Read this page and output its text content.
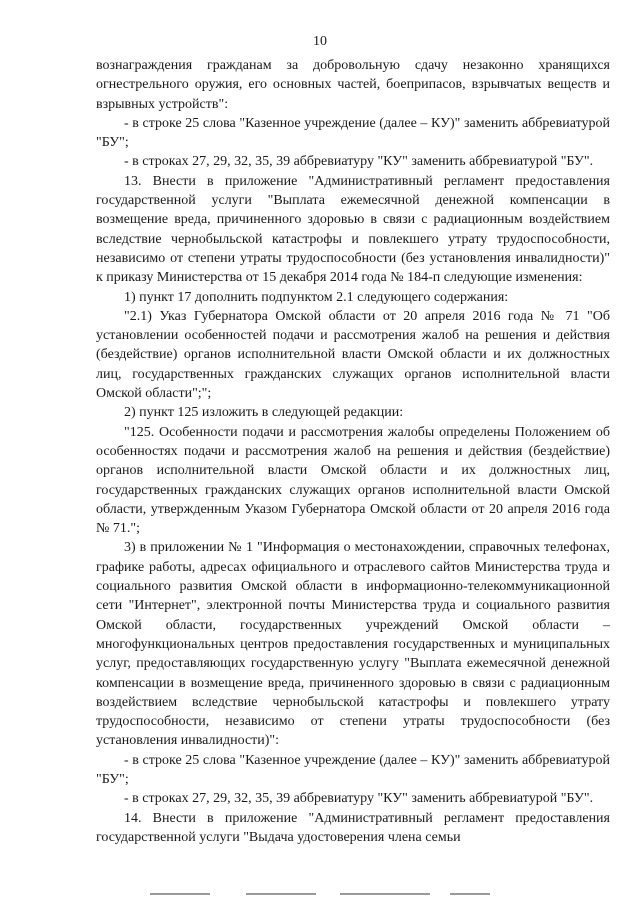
10

вознаграждения гражданам за добровольную сдачу незаконно хранящихся огнестрельного оружия, его основных частей, боеприпасов, взрывчатых веществ и взрывных устройств":

- в строке 25 слова "Казенное учреждение (далее – КУ)" заменить аббревиатурой "БУ";

- в строках 27, 29, 32, 35, 39 аббревиатуру "КУ" заменить аббревиатурой "БУ".

13. Внести в приложение "Административный регламент предоставления государственной услуги "Выплата ежемесячной денежной компенсации в возмещение вреда, причиненного здоровью в связи с радиационным воздействием вследствие чернобыльской катастрофы и повлекшего утрату трудоспособности, независимо от степени утраты трудоспособности (без установления инвалидности)" к приказу Министерства от 15 декабря 2014 года № 184-п следующие изменения:

1) пункт 17 дополнить подпунктом 2.1 следующего содержания:

"2.1) Указ Губернатора Омской области от 20 апреля 2016 года № 71 "Об установлении особенностей подачи и рассмотрения жалоб на решения и действия (бездействие) органов исполнительной власти Омской области и их должностных лиц, государственных гражданских служащих органов исполнительной власти Омской области";";

2) пункт 125 изложить в следующей редакции:

"125. Особенности подачи и рассмотрения жалобы определены Положением об особенностях подачи и рассмотрения жалоб на решения и действия (бездействие) органов исполнительной власти Омской области и их должностных лиц, государственных гражданских служащих органов исполнительной власти Омской области, утвержденным Указом Губернатора Омской области от 20 апреля 2016 года № 71.";

3) в приложении № 1 "Информация о местонахождении, справочных телефонах, графике работы, адресах официального и отраслевого сайтов Министерства труда и социального развития Омской области в информационно-телекоммуникационной сети "Интернет", электронной почты Министерства труда и социального развития Омской области, государственных учреждений Омской области – многофункциональных центров предоставления государственных и муниципальных услуг, предоставляющих государственную услугу "Выплата ежемесячной денежной компенсации в возмещение вреда, причиненного здоровью в связи с радиационным воздействием вследствие чернобыльской катастрофы и повлекшего утрату трудоспособности, независимо от степени утраты трудоспособности (без установления инвалидности)":

- в строке 25 слова "Казенное учреждение (далее – КУ)" заменить аббревиатурой "БУ";

- в строках 27, 29, 32, 35, 39 аббревиатуру "КУ" заменить аббревиатурой "БУ".

14. Внести в приложение "Административный регламент предоставления государственной услуги "Выдача удостоверения члена семьи
